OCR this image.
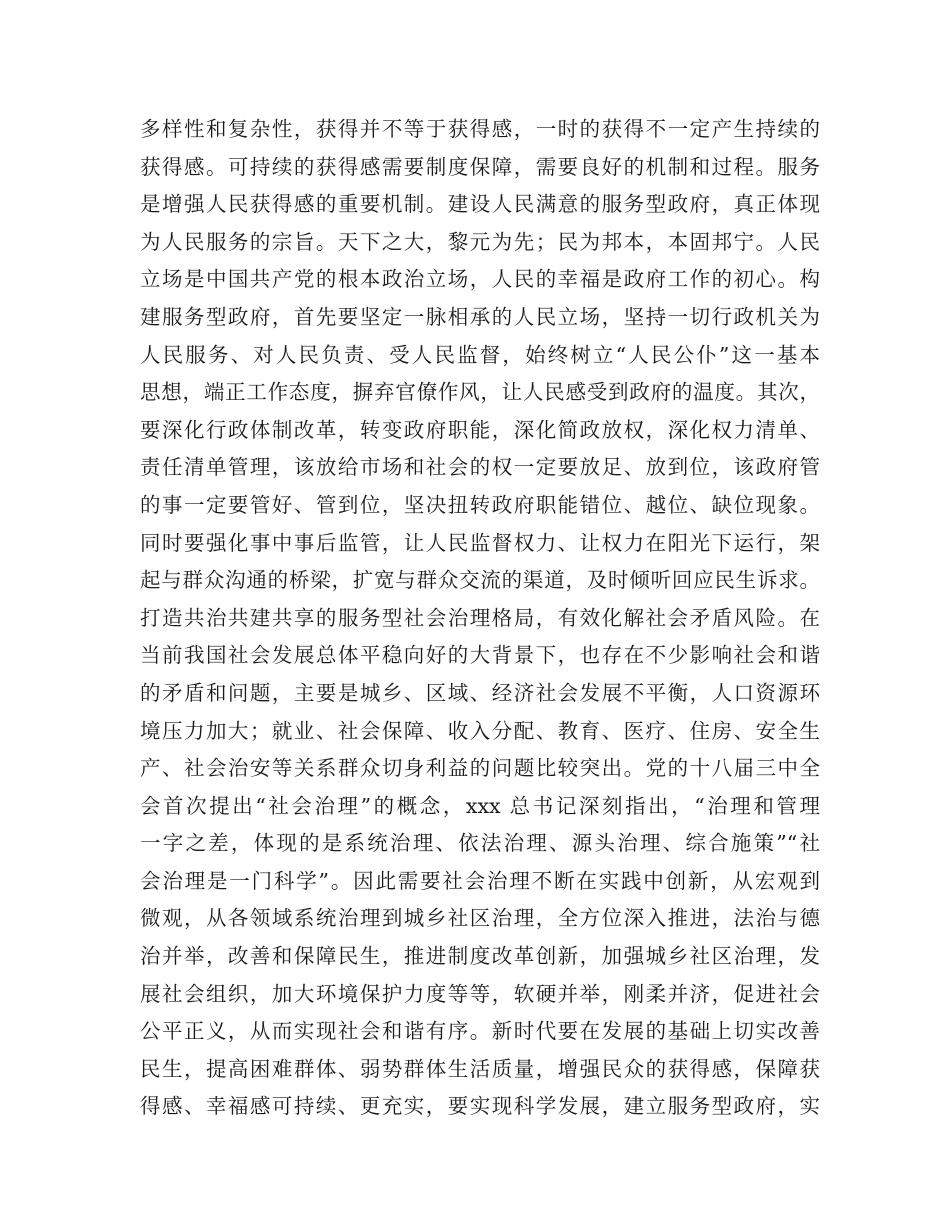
多样性和复杂性，获得并不等于获得感，一时的获得不一定产生持续的
获得感。可持续的获得感需要制度保障，需要良好的机制和过程。服务
是增强人民获得感的重要机制。建设人民满意的服务型政府，真正体现
为人民服务的宗旨。天下之大，黎元为先；民为邦本，本固邦宁。人民
立场是中国共产党的根本政治立场，人民的幸福是政府工作的初心。构
建服务型政府，首先要坚定一脉相承的人民立场，坚持一切行政机关为
人民服务、对人民负责、受人民监督，始终树立“人民公仆”这一基本
思想，端正工作态度，摒弃官僚作风，让人民感受到政府的温度。其次，
要深化行政体制改革，转变政府职能，深化简政放权，深化权力清单、
责任清单管理，该放给市场和社会的权一定要放足、放到位，该政府管
的事一定要管好、管到位，坚决扭转政府职能错位、越位、缺位现象。
同时要强化事中事后监管，让人民监督权力、让权力在阳光下运行，架
起与群众沟通的桥梁，扩宽与群众交流的渠道，及时倾听回应民生诉求。
打造共治共建共享的服务型社会治理格局，有效化解社会矛盾风险。在
当前我国社会发展总体平稳向好的大背景下，也存在不少影响社会和谐
的矛盾和问题，主要是城乡、区域、经济社会发展不平衡，人口资源环
境压力加大；就业、社会保障、收入分配、教育、医疗、住房、安全生
产、社会治安等关系群众切身利益的问题比较突出。党的十八届三中全
会首次提出“社会治理”的概念，xxx 总书记深刻指出，“治理和管理
一字之差，体现的是系统治理、依法治理、源头治理、综合施策”“社
会治理是一门科学”。因此需要社会治理不断在实践中创新，从宏观到
微观，从各领域系统治理到城乡社区治理，全方位深入推进，法治与德
治并举，改善和保障民生，推进制度改革创新，加强城乡社区治理，发
展社会组织，加大环境保护力度等等，软硬并举，刚柔并济，促进社会
公平正义，从而实现社会和谐有序。新时代要在发展的基础上切实改善
民生，提高困难群体、弱势群体生活质量，增强民众的获得感，保障获
得感、幸福感可持续、更充实，要实现科学发展，建立服务型政府，实
